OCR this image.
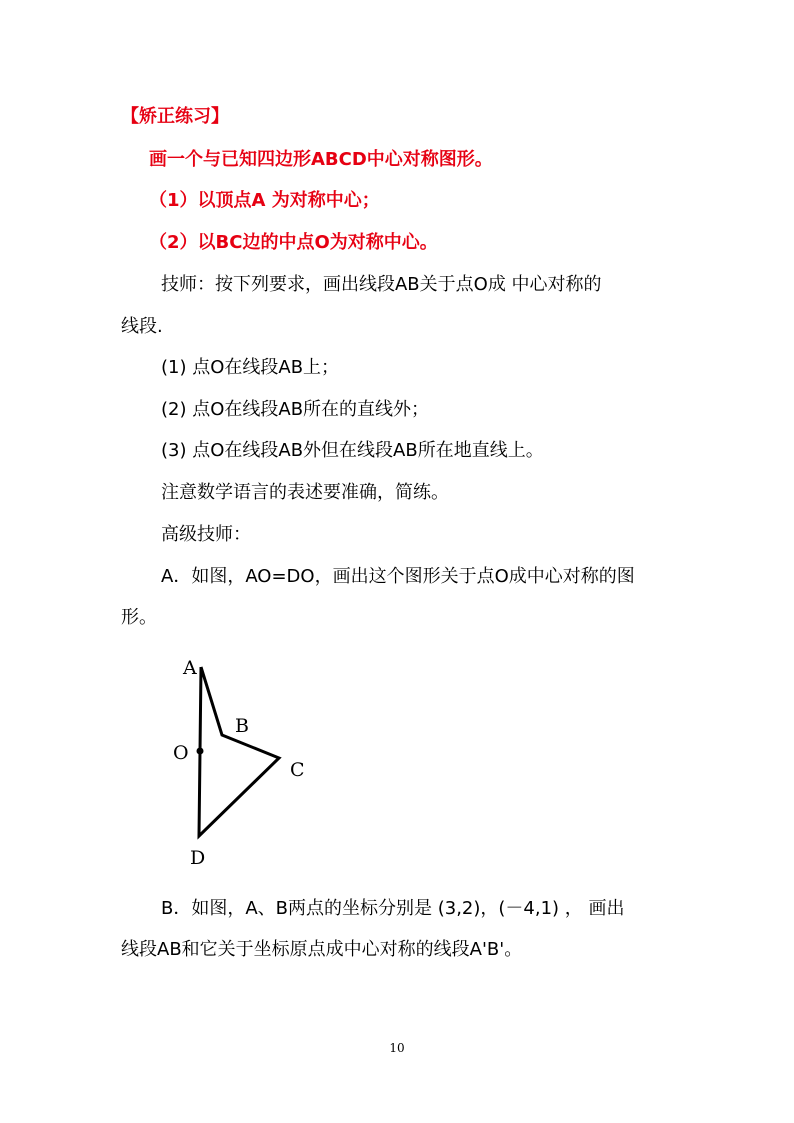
【矫正练习】
画一个与已知四边形ABCD中心对称图形。
（1）以顶点A 为对称中心；
（2）以BC边的中点O为对称中心。
技师：按下列要求，画出线段AB关于点O成 中心对称的
线段.
(1) 点O在线段AB上；
(2) 点O在线段AB所在的直线外；
(3) 点O在线段AB外但在线段AB所在地直线上。
注意数学语言的表述要准确，简练。
高级技师：
A．如图，AO=DO，画出这个图形关于点O成中心对称的图
形。
A
B
C
O
D
B．如图，A、B两点的坐标分别是 (3,2)，(－4,1) ， 画出
线段AB和它关于坐标原点成中心对称的线段A'B'。
10
